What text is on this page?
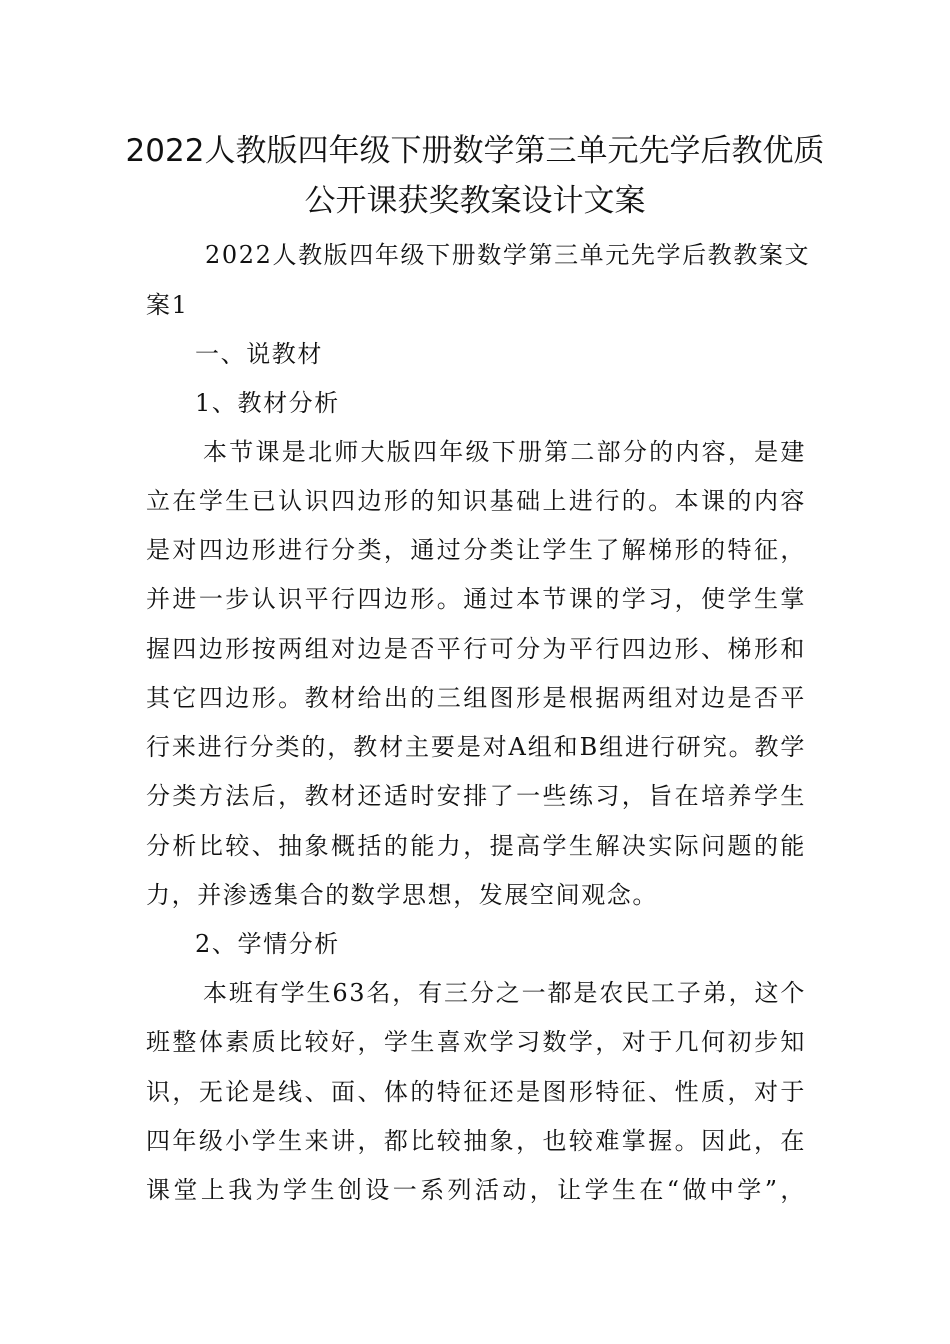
2022人教版四年级下册数学第三单元先学后教优质
公开课获奖教案设计文案
2022人教版四年级下册数学第三单元先学后教教案文
案1
一、说教材
1、教材分析
本节课是北师大版四年级下册第二部分的内容，是建
立在学生已认识四边形的知识基础上进行的。本课的内容
是对四边形进行分类，通过分类让学生了解梯形的特征，
并进一步认识平行四边形。通过本节课的学习，使学生掌
握四边形按两组对边是否平行可分为平行四边形、梯形和
其它四边形。教材给出的三组图形是根据两组对边是否平
行来进行分类的，教材主要是对A组和B组进行研究。教学
分类方法后，教材还适时安排了一些练习，旨在培养学生
分析比较、抽象概括的能力，提高学生解决实际问题的能
力，并渗透集合的数学思想，发展空间观念。
2、学情分析
本班有学生63名，有三分之一都是农民工子弟，这个
班整体素质比较好，学生喜欢学习数学，对于几何初步知
识，无论是线、面、体的特征还是图形特征、性质，对于
四年级小学生来讲，都比较抽象，也较难掌握。因此，在
课堂上我为学生创设一系列活动，让学生在“做中学”，
